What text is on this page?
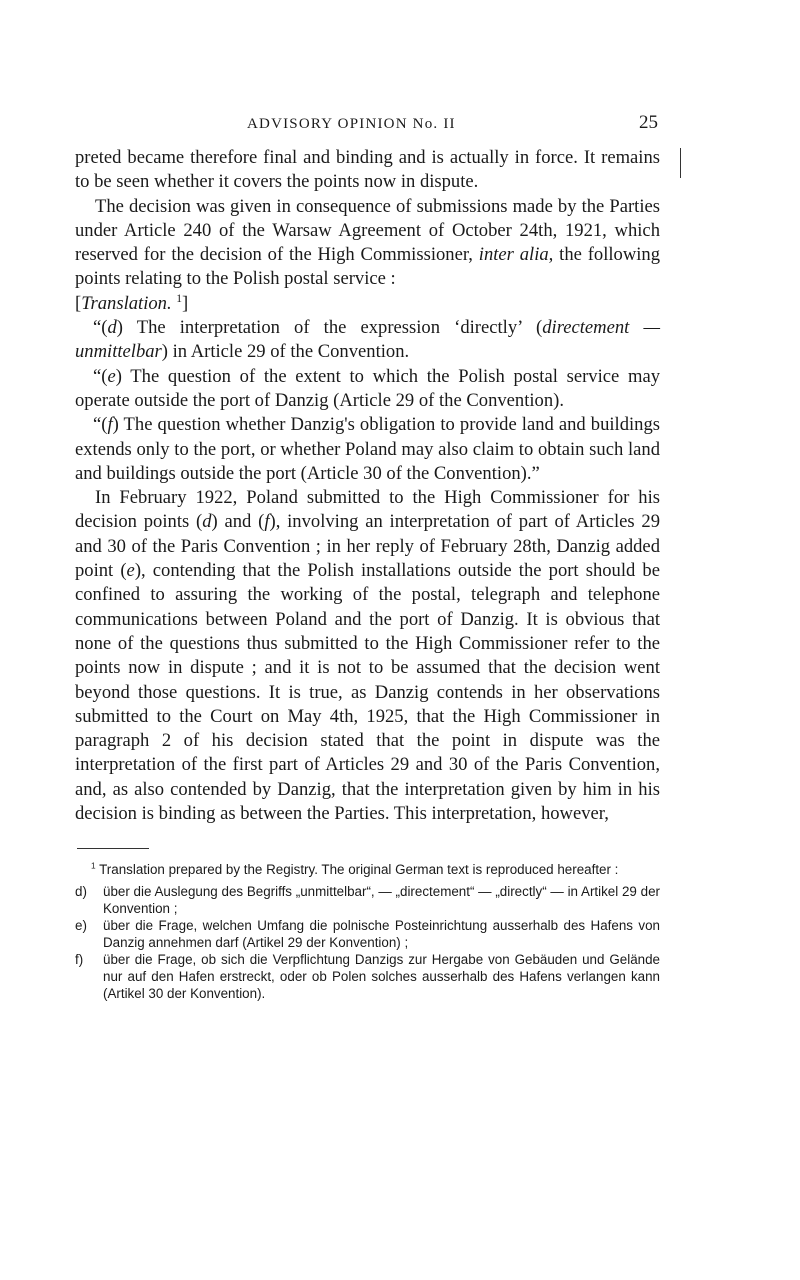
ADVISORY OPINION No. II	25

preted became therefore final and binding and is actually in force. It remains to be seen whether it covers the points now in dispute.

The decision was given in consequence of submissions made by the Parties under Article 240 of the Warsaw Agreement of October 24th, 1921, which reserved for the decision of the High Commissioner, inter alia, the following points relating to the Polish postal service :

[Translation. $^1$]

“(d) The interpretation of the expression ‘directly’ (directement — unmittelbar) in Article 29 of the Convention.

“(e) The question of the extent to which the Polish postal service may operate outside the port of Danzig (Article 29 of the Convention).

“(f) The question whether Danzig's obligation to provide land and buildings extends only to the port, or whether Poland may also claim to obtain such land and buildings outside the port (Article 30 of the Convention).”

In February 1922, Poland submitted to the High Commissioner for his decision points (d) and (f), involving an interpretation of part of Articles 29 and 30 of the Paris Convention ; in her reply of February 28th, Danzig added point (e), contending that the Polish installations outside the port should be confined to assuring the working of the postal, telegraph and telephone communications between Poland and the port of Danzig. It is obvious that none of the questions thus submitted to the High Commissioner refer to the points now in dispute ; and it is not to be assumed that the decision went beyond those questions. It is true, as Danzig contends in her observations submitted to the Court on May 4th, 1925, that the High Commissioner in paragraph 2 of his decision stated that the point in dispute was the interpretation of the first part of Articles 29 and 30 of the Paris Convention, and, as also contended by Danzig, that the interpretation given by him in his decision is binding as between the Parties. This interpretation, however,

$^1$ Translation prepared by the Registry. The original German text is reproduced hereafter :

d) über die Auslegung des Begriffs „unmittelbar“, — „directement“ — „directly“ — in Artikel 29 der Konvention ;

e) über die Frage, welchen Umfang die polnische Posteinrichtung ausserhalb des Hafens von Danzig annehmen darf (Artikel 29 der Konvention) ;

f) über die Frage, ob sich die Verpflichtung Danzigs zur Hergabe von Gebäuden und Gelände nur auf den Hafen erstreckt, oder ob Polen solches ausserhalb des Hafens verlangen kann (Artikel 30 der Konvention).
